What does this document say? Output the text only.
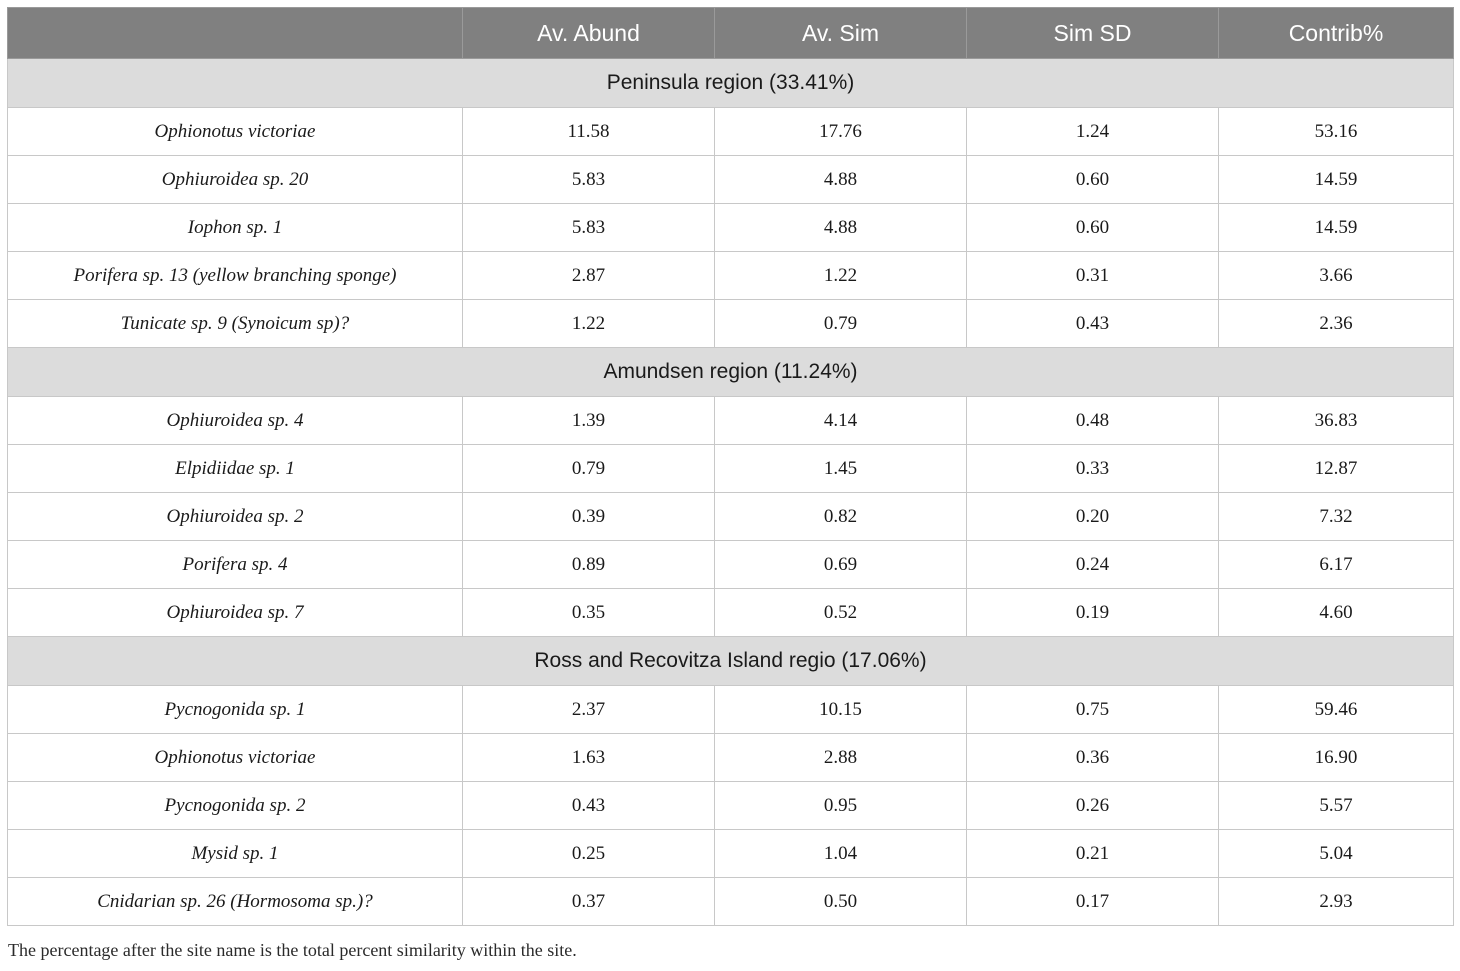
	Av. Abund	Av. Sim	Sim SD	Contrib%
Peninsula region (33.41%)				
Ophionotus victoriae	11.58	17.76	1.24	53.16
Ophiuroidea sp. 20	5.83	4.88	0.60	14.59
Iophon sp. 1	5.83	4.88	0.60	14.59
Porifera sp. 13 (yellow branching sponge)	2.87	1.22	0.31	3.66
Tunicate sp. 9 (Synoicum sp)?	1.22	0.79	0.43	2.36
Amundsen region (11.24%)				
Ophiuroidea sp. 4	1.39	4.14	0.48	36.83
Elpidiidae sp. 1	0.79	1.45	0.33	12.87
Ophiuroidea sp. 2	0.39	0.82	0.20	7.32
Porifera sp. 4	0.89	0.69	0.24	6.17
Ophiuroidea sp. 7	0.35	0.52	0.19	4.60
Ross and Recovitza Island regio (17.06%)				
Pycnogonida sp. 1	2.37	10.15	0.75	59.46
Ophionotus victoriae	1.63	2.88	0.36	16.90
Pycnogonida sp. 2	0.43	0.95	0.26	5.57
Mysid sp. 1	0.25	1.04	0.21	5.04
Cnidarian sp. 26 (Hormosoma sp.)?	0.37	0.50	0.17	2.93
The percentage after the site name is the total percent similarity within the site.
